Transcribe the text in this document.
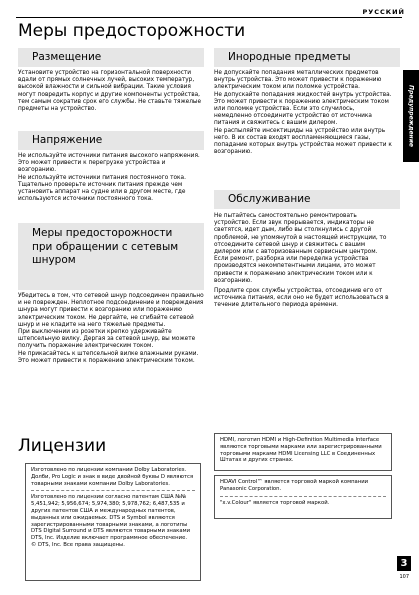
РУССКИЙ
Меры предосторожности
Размещение

Установите устройство на горизонтальной поверхности вдали от прямых солнечных лучей, высоких температур, высокой влажности и сильной вибрации. Такие условия могут повредить корпус и другие компоненты устройства, тем самым сократив срок его службы. Не ставьте тяжелые предметы на устройство.

Напряжение

Не используйте источники питания высокого напряжения. Это может привести к перегрузке устройства и возгоранию.

Не используйте источники питания постоянного тока. Тщательно проверьте источник питания прежде чем установить аппарат на судне или в другом месте, где используются источники постоянного тока.

Меры предосторожности при обращении с сетевым шнуром

Убедитесь в том, что сетевой шнур подсоединен правильно и не поврежден. Неплотное подсоединение и повреждения шнура могут привести к возгоранию или поражению электрическим током. Не дергайте, не сгибайте сетевой шнур и не кладите на него тяжелые предметы.

При выключении из розетки крепко удерживайте штепсельную вилку. Дергая за сетевой шнур, вы можете получить поражение электрическим током.

Не прикасайтесь к штепсельной вилке влажными руками. Это может привести к поражению электрическим током.

Инородные предметы

Не допускайте попадания металлических предметов внутрь устройства. Это может привести к поражению электрическим током или поломке устройства.

Не допускайте попадания жидкостей внутрь устройства. Это может привести к поражению электрическим током или поломке устройства. Если это случилось, немедленно отсоедините устройство от источника питания и свяжитесь с вашим дилером.

Не распыляйте инсектициды на устройство или внутрь него. В их состав входят воспламеняющиеся газы, попадание которых внутрь устройства может привести к возгоранию.

Обслуживание

Не пытайтесь самостоятельно ремонтировать устройство. Если звук прерывается, индикаторы не светятся, идет дым, либо вы столкнулись с другой проблемой, не упомянутой в настоящей инструкции, то отсоедините сетевой шнур и свяжитесь с вашим дилером или с авторизованным сервисным центром. Если ремонт, разборка или переделка устройства производятся некомпетентными лицами, это может привести к поражению электрическим током или к возгоранию.

Продлите срок службы устройства, отсоединив его от источника питания, если оно не будет использоваться в течение длительного периода времени.

Предупреждение
Лицензии

Изготовлено по лицензии компании Dolby Laboratories. Долби, Pro Logic и знак в виде двойной буквы D являются товарными знаками компании Dolby Laboratories.

Изготовлено по лицензии согласно патентам США №№ 5,451,942; 5,956,674; 5,974,380; 5,978,762; 6,487,535 и других патентов США и международных патентов, выданных или ожидаемых. DTS и Symbol являются зарегистрированными товарными знаками, а логотипы DTS Digital Surround и DTS являются товарными знаками DTS, Inc. Изделие включает программное обеспечение.

© DTS, Inc. Все права защищены.

HDMI, логотип HDMI и High-Definition Multimedia Interface являются торговыми марками или зарегистрированными торговыми марками HDMI Licensing LLC в Соединенных Штатах и других странах.

HDAVI Control™ является торговой маркой компании Panasonic Corporation.

"x.v.Colour" является торговой маркой.

3
107
